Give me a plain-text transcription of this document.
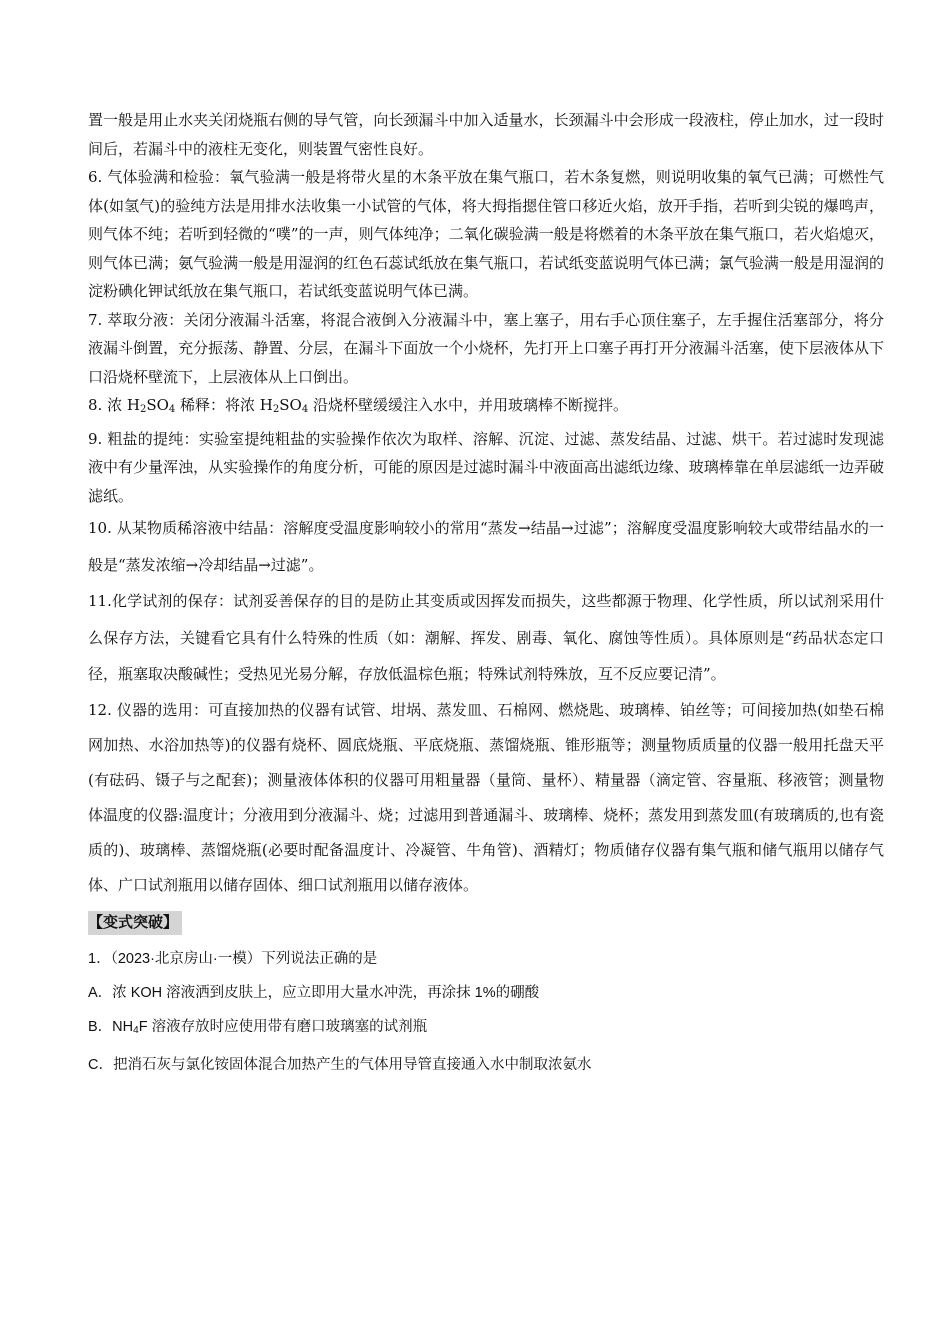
置一般是用止水夹关闭烧瓶右侧的导气管，向长颈漏斗中加入适量水，长颈漏斗中会形成一段液柱，停止加水，过一段时间后，若漏斗中的液柱无变化，则装置气密性良好。

6. 气体验满和检验：氧气验满一般是将带火星的木条平放在集气瓶口，若木条复燃，则说明收集的氧气已满；可燃性气体(如氢气)的验纯方法是用排水法收集一小试管的气体，将大拇指摁住管口移近火焰，放开手指，若听到尖锐的爆鸣声，则气体不纯；若听到轻微的“噗”的一声，则气体纯净；二氧化碳验满一般是将燃着的木条平放在集气瓶口，若火焰熄灭，则气体已满；氨气验满一般是用湿润的红色石蕊试纸放在集气瓶口，若试纸变蓝说明气体已满；氯气验满一般是用湿润的淀粉碘化钾试纸放在集气瓶口，若试纸变蓝说明气体已满。

7. 萃取分液：关闭分液漏斗活塞，将混合液倒入分液漏斗中，塞上塞子，用右手心顶住塞子，左手握住活塞部分，将分液漏斗倒置，充分振荡、静置、分层，在漏斗下面放一个小烧杯，先打开上口塞子再打开分液漏斗活塞，使下层液体从下口沿烧杯壁流下，上层液体从上口倒出。

8. 浓 $H_2SO_4$ 稀释：将浓 $H_2SO_4$ 沿烧杯壁缓缓注入水中，并用玻璃棒不断搅拌。

9. 粗盐的提纯：实验室提纯粗盐的实验操作依次为取样、溶解、沉淀、过滤、蒸发结晶、过滤、烘干。若过滤时发现滤液中有少量浑浊，从实验操作的角度分析，可能的原因是过滤时漏斗中液面高出滤纸边缘、玻璃棒靠在单层滤纸一边弄破滤纸。

10. 从某物质稀溶液中结晶：溶解度受温度影响较小的常用“蒸发→结晶→过滤”；溶解度受温度影响较大或带结晶水的一般是“蒸发浓缩→冷却结晶→过滤”。

11.化学试剂的保存：试剂妥善保存的目的是防止其变质或因挥发而损失，这些都源于物理、化学性质，所以试剂采用什么保存方法，关键看它具有什么特殊的性质（如：潮解、挥发、剧毒、氧化、腐蚀等性质）。具体原则是“药品状态定口径，瓶塞取决酸碱性；受热见光易分解，存放低温棕色瓶；特殊试剂特殊放，互不反应要记清”。

12. 仪器的选用：可直接加热的仪器有试管、坩埚、蒸发皿、石棉网、燃烧匙、玻璃棒、铂丝等；可间接加热(如垫石棉网加热、水浴加热等)的仪器有烧杯、圆底烧瓶、平底烧瓶、蒸馏烧瓶、锥形瓶等；测量物质质量的仪器一般用托盘天平(有砝码、镊子与之配套)；测量液体体积的仪器可用粗量器（量筒、量杯）、精量器（滴定管、容量瓶、移液管；测量物体温度的仪器:温度计；分液用到分液漏斗、烧；过滤用到普通漏斗、玻璃棒、烧杯；蒸发用到蒸发皿(有玻璃质的,也有瓷质的)、玻璃棒、蒸馏烧瓶(必要时配备温度计、冷凝管、牛角管)、酒精灯；物质储存仪器有集气瓶和储气瓶用以储存气体、广口试剂瓶用以储存固体、细口试剂瓶用以储存液体。

【变式突破】

1．（2023·北京房山·一模）下列说法正确的是

A．浓 KOH 溶液洒到皮肤上，应立即用大量水冲洗，再涂抹 1%的硼酸

B．$NH_4F$ 溶液存放时应使用带有磨口玻璃塞的试剂瓶

C．把消石灰与氯化铵固体混合加热产生的气体用导管直接通入水中制取浓氨水
